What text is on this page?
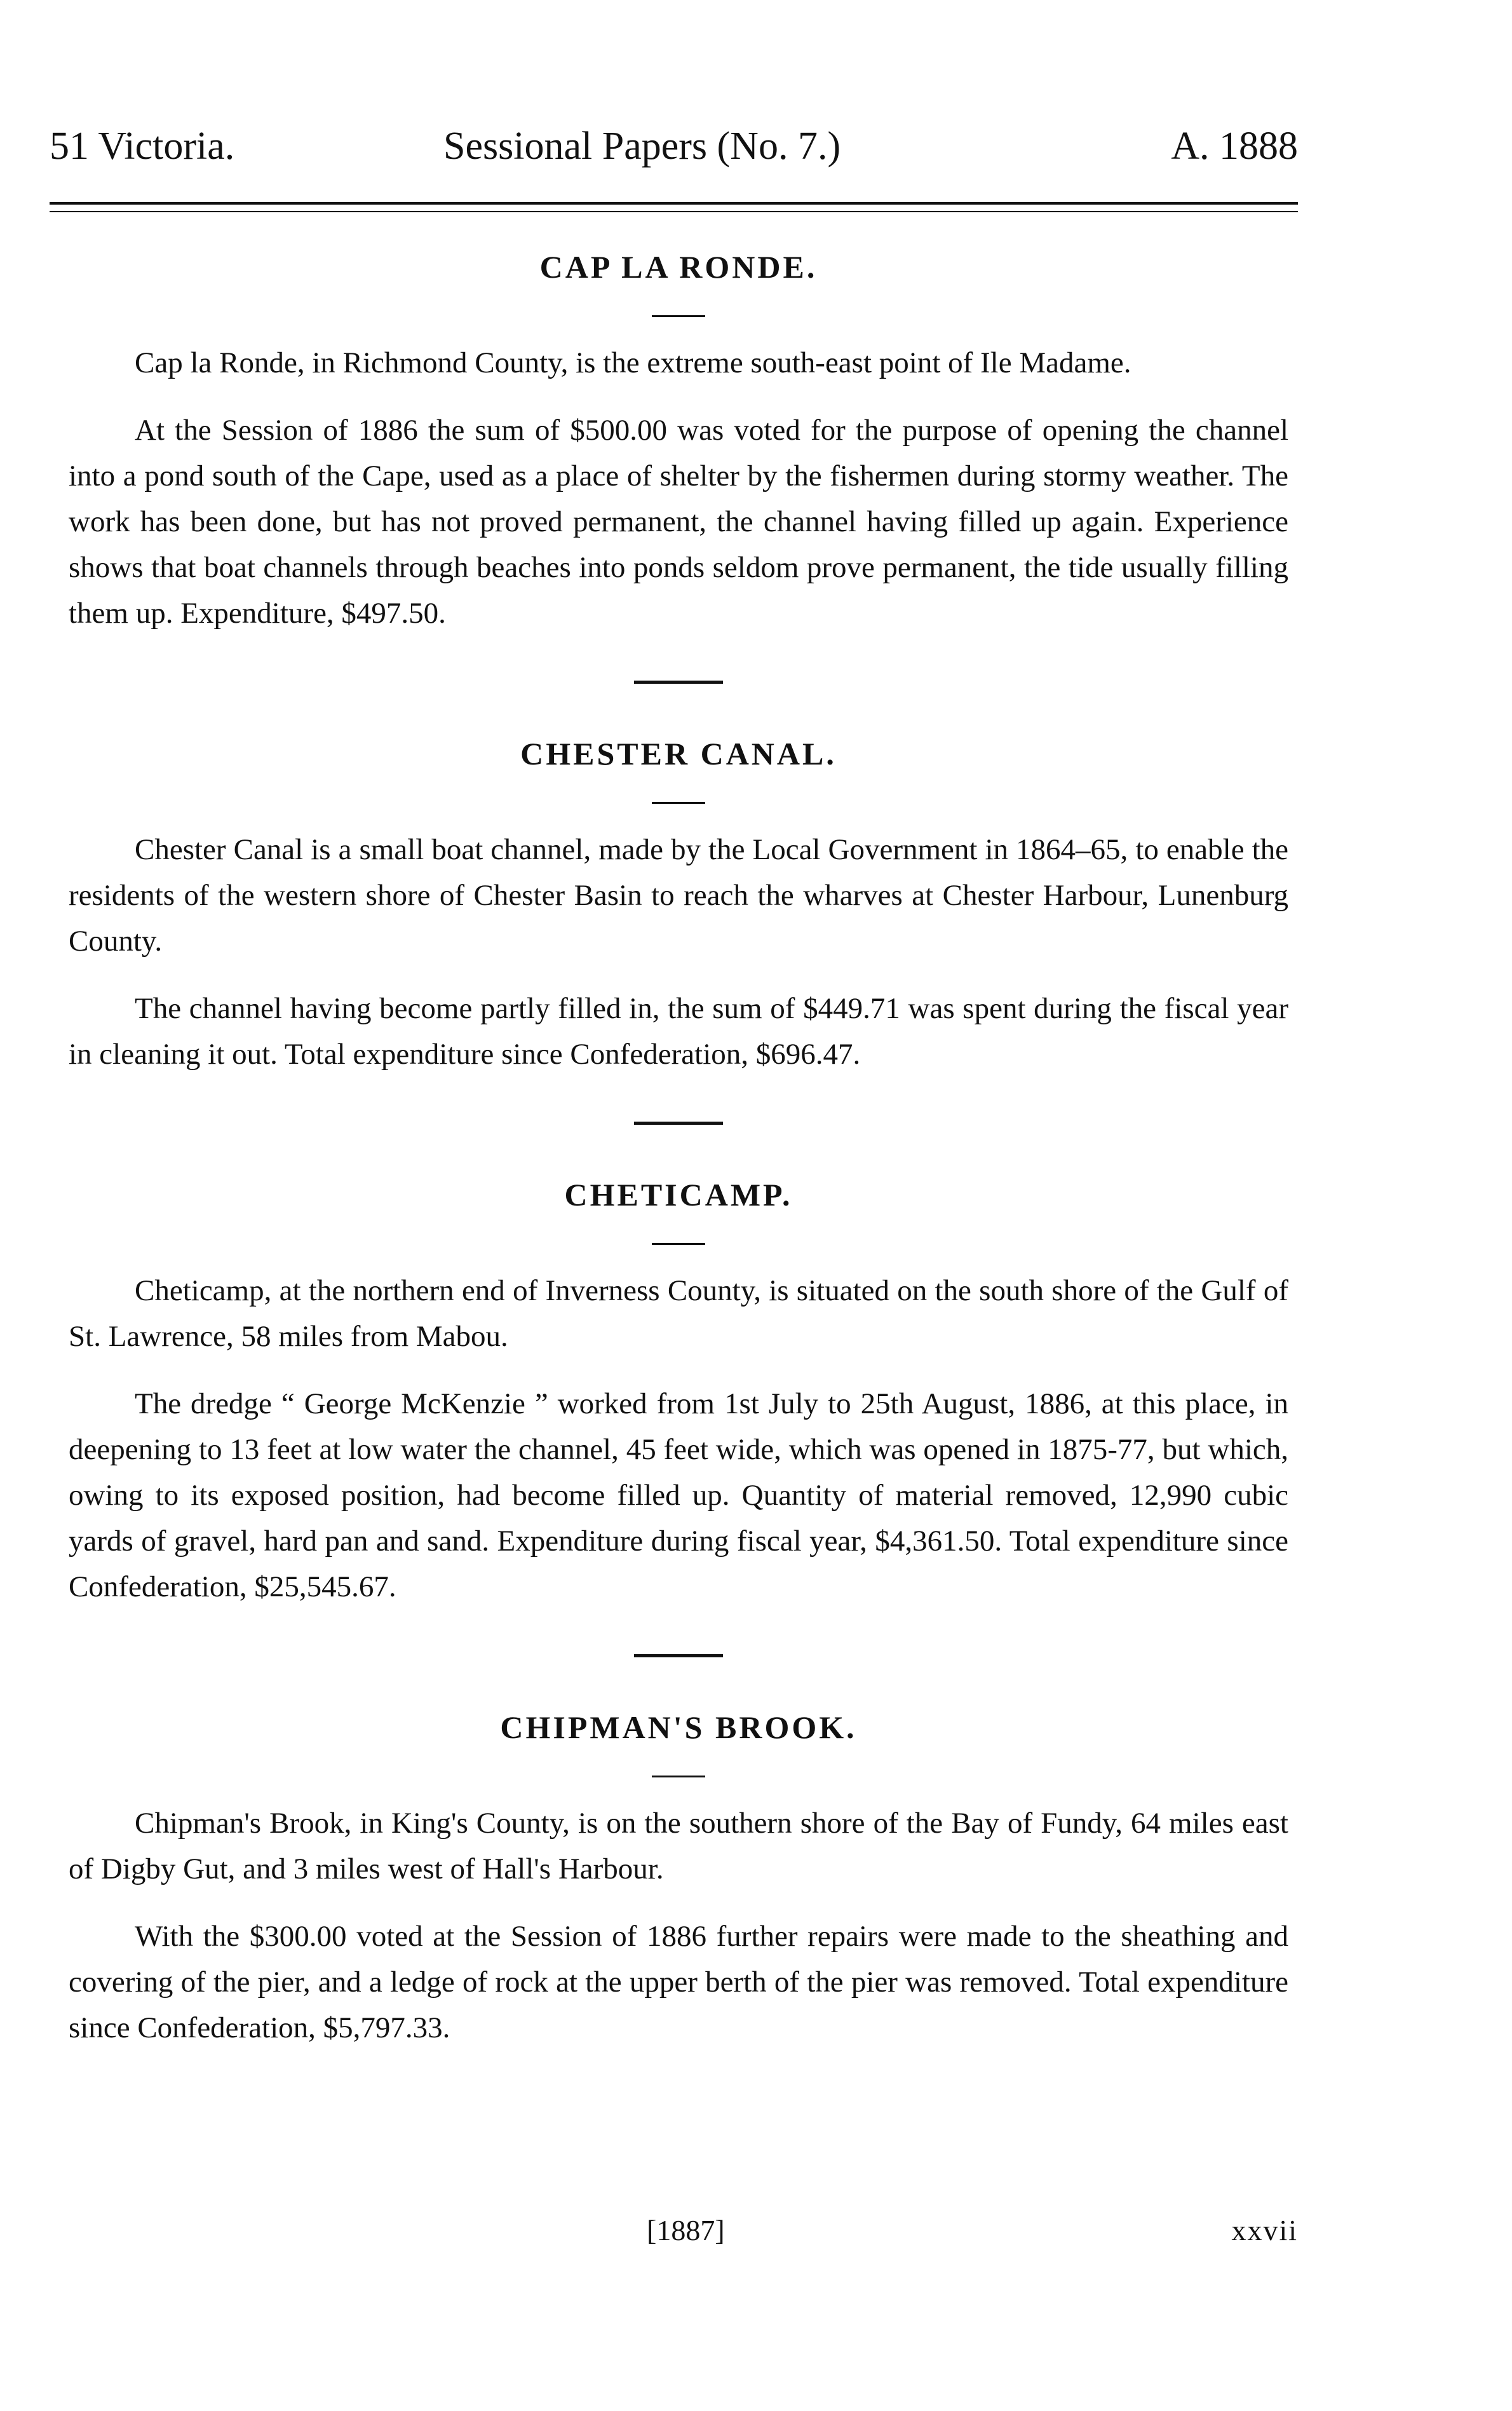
51 Victoria.	Sessional Papers (No. 7.)	A. 1888
CAP LA RONDE.

Cap la Ronde, in Richmond County, is the extreme south-east point of Ile Madame.

At the Session of 1886 the sum of $500.00 was voted for the purpose of opening the channel into a pond south of the Cape, used as a place of shelter by the fishermen during stormy weather. The work has been done, but has not proved permanent, the channel having filled up again. Experience shows that boat channels through beaches into ponds seldom prove permanent, the tide usually filling them up. Expenditure, $497.50.

CHESTER CANAL.

Chester Canal is a small boat channel, made by the Local Government in 1864–65, to enable the residents of the western shore of Chester Basin to reach the wharves at Chester Harbour, Lunenburg County.

The channel having become partly filled in, the sum of $449.71 was spent during the fiscal year in cleaning it out. Total expenditure since Confederation, $696.47.

CHETICAMP.

Cheticamp, at the northern end of Inverness County, is situated on the south shore of the Gulf of St. Lawrence, 58 miles from Mabou.

The dredge “ George McKenzie ” worked from 1st July to 25th August, 1886, at this place, in deepening to 13 feet at low water the channel, 45 feet wide, which was opened in 1875-77, but which, owing to its exposed position, had become filled up. Quantity of material removed, 12,990 cubic yards of gravel, hard pan and sand. Expenditure during fiscal year, $4,361.50. Total expenditure since Confederation, $25,545.67.

CHIPMAN'S BROOK.

Chipman's Brook, in King's County, is on the southern shore of the Bay of Fundy, 64 miles east of Digby Gut, and 3 miles west of Hall's Harbour.

With the $300.00 voted at the Session of 1886 further repairs were made to the sheathing and covering of the pier, and a ledge of rock at the upper berth of the pier was removed. Total expenditure since Confederation, $5,797.33.

[1887]	xxvii
